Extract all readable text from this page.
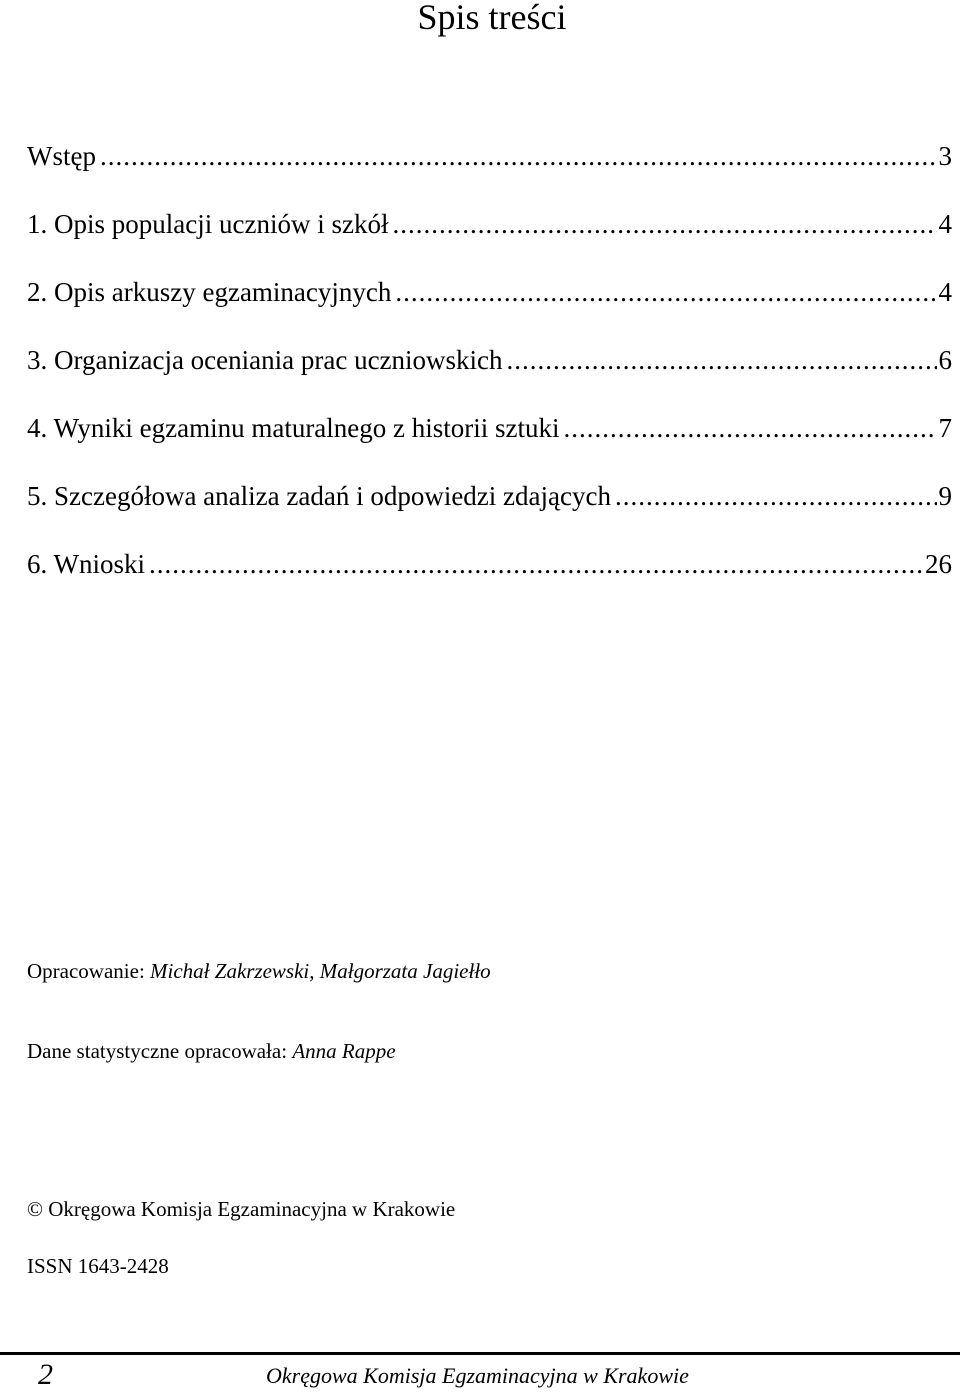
Spis treści
Wstęp .....	3
1. Opis populacji uczniów i szkół .....	4
2. Opis arkuszy egzaminacyjnych .....	4
3. Organizacja oceniania prac uczniowskich .....	6
4. Wyniki egzaminu maturalnego z historii sztuki .....	7
5. Szczegółowa analiza zadań i odpowiedzi zdających .....	9
6. Wnioski .....	26
Opracowanie: Michał Zakrzewski, Małgorzata Jagiełło
Dane statystyczne opracowała: Anna Rappe
© Okręgowa Komisja Egzaminacyjna w Krakowie
ISSN 1643-2428
2	Okręgowa Komisja Egzaminacyjna w Krakowie
